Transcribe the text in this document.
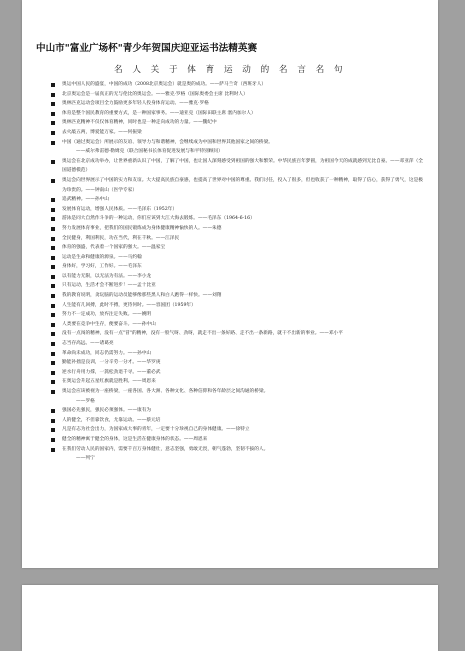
中山市"富业广场杯"青少年贺国庆迎亚运书法精英赛
名 人 关 于 体 育 运 动 的 名 言 名 句
奥运中国人民的盛宴，中国的成功（2008北京奥运会）就是奥的成功。——萨马兰奇（西班牙人）
北京奥运会是一届真正的无与伦比的奥运会。——雅克·罗格（国际奥委会主席 比利时人）
奥林匹克运动会项目全力鼓励更多年轻人投身体育运动。——雅克·罗格
体育是整个国民教育的重要方式，是一种国家事务。——迪亚克（国际田联主席 塞内加尔人）
奥林匹克精神不仅仅体育精神，同时也是一种走向成功的力量。——魏纪中
去火敲五两，博爱能万家。——何振梁
中国（通过奥运会）所展示的友谊、领导力与和谐精神，会继续成为中国和世界其他国家之间的桥梁。
——威尔弗雷德·勒姆克（联合国秘书长体育促进发展与和平特别顾问）
奥运会在北京成功举办，让世界重新认识了中国，了解了中国，也让国人深刻感受到祖国的强大和繁荣。中华民族百年梦圆，为祖国今天的成就感到无比自豪。——邓亚萍（全国道德模范）
奥运会向世界展示了中国的实力和友谊。大大提高民族自豪感，也提高了世界对中国的尊重。我们讨任，投入了很多，但也收获了一种精神，取得了信心，获得了勇气，这是极为珍贵的。——钟南山（医学专家）
追武精神。——孙中山
发展体育运动，增强人民体质。——毛泽东（1952年）
游泳是同大自然作斗争的一种运动，你们应该到大江大海去锻炼。——毛泽东（1964-6-16）
努力发展体育事业，把我们的国民锻炼成为身体健康精神愉快的人。——朱德
全民健身，利国利民，功在当代，利在千秋。——江泽民
体育的强盛，代表着一个国家的强大。——温家宝
运动是生命和健康的源泉。——马约翰
身体好，学习好，工作好。——毛泽东
以有能力无限，以无法为有法。——李小龙
只有运动，生活才会不断进步！——孟十比亚
我的教育说明，贪玩脑的运动员能够像那些黑人和白人跑得一样快。——刘翔
人生能有几回搏，此时不搏，更待何时。——容国团（1959年）
努力不一定成功，放弃注定失败。——姚明
人类要在竞争中生存，便要奋斗。——孙中山
没有一点闯的精神，没有一点"冒"的精神，没有一股气呀、劲呀，就走不出一条好路、走不出一条新路，就干不出新的事业。——邓小平
志当存高远。——诸葛亮
革命尚未成功，同志仍需努力。——孙中山
勤能补拙是良训，一分辛劳一分才。——华罗庚
逆水行舟用力撑，一篙松劲退千寻。——董必武
在奥运会升起五星红旗就是胜利。——周恩来
奥运会应该被视为一座桥梁，一座各国、各大洲、各种文化、各种信仰和各年龄层之间沟通的桥梁。
——罗格
强国必先强民，强民必须强体。——康有为
人的健全，不但靠饮食，尤靠运动。——蔡元培
凡是有志为社会出力，为国家成大事的青年，一定要十分珍视自己的身体健康。——徐特立
健全的精神寓于健全的身体，这是生活在健康身体的状态。——周恩来
在我们劳动人民的国家内，需要千百万身体健壮，意志坚强，勇敢无畏，朝气蓬勃，坚韧不拔的人。
——列宁
